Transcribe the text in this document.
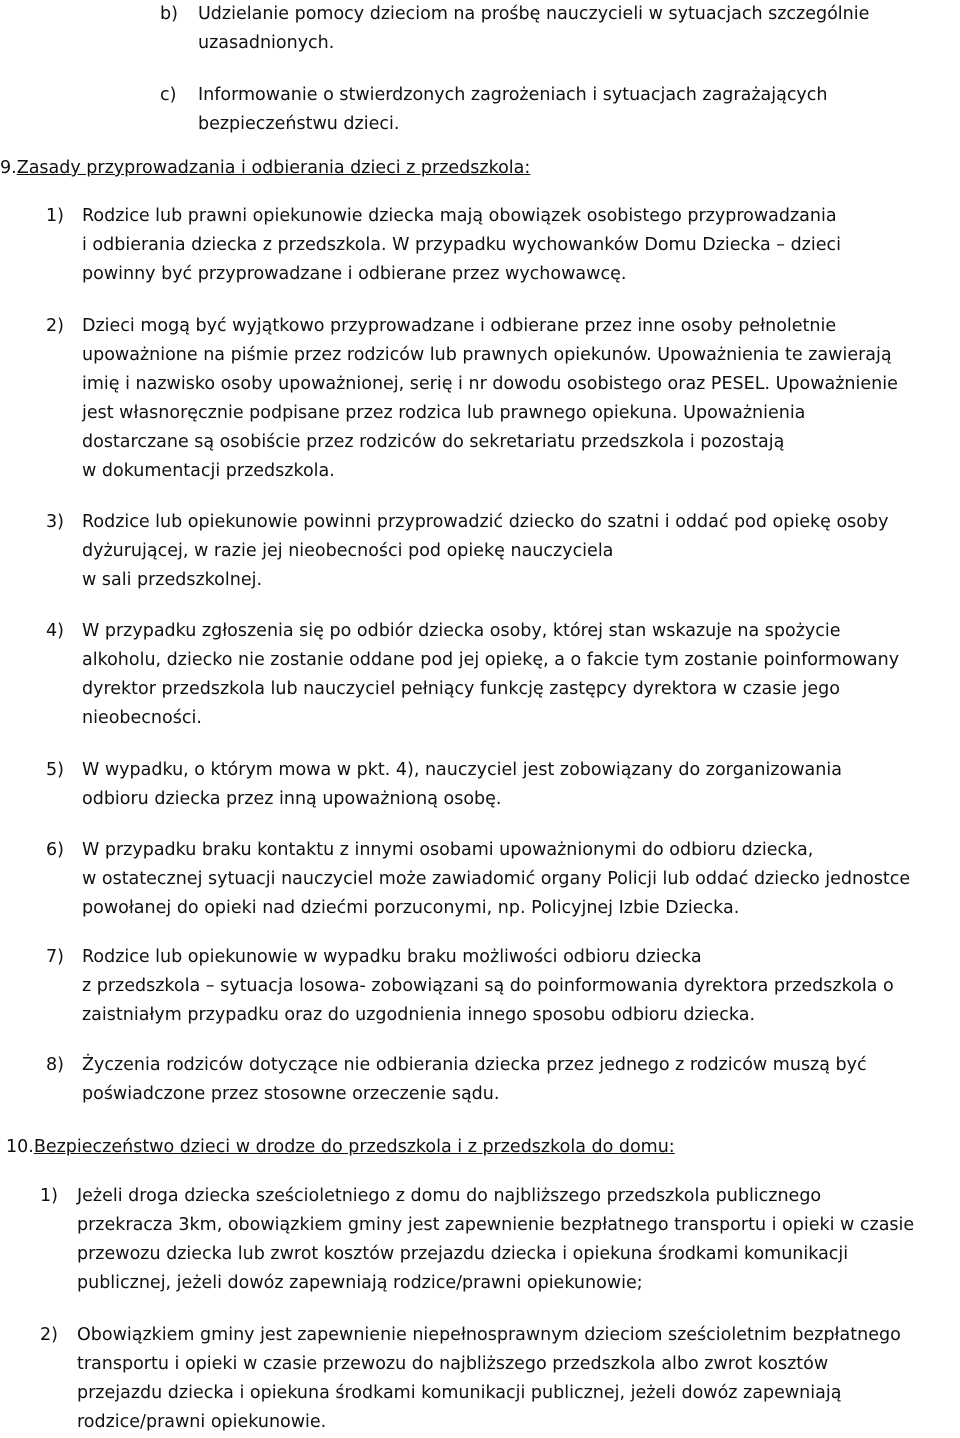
b) Udzielanie pomocy dzieciom na prośbę nauczycieli w sytuacjach szczególnie
uzasadnionych.
c) Informowanie o stwierdzonych zagrożeniach i sytuacjach zagrażających
bezpieczeństwu dzieci.
9.Zasady przyprowadzania i odbierania dzieci z przedszkola:
1) Rodzice lub prawni opiekunowie dziecka mają obowiązek osobistego przyprowadzania
i odbierania dziecka z przedszkola. W przypadku wychowanków Domu Dziecka – dzieci
powinny być przyprowadzane i odbierane przez wychowawcę.
2) Dzieci mogą być wyjątkowo przyprowadzane i odbierane przez inne osoby pełnoletnie
upoważnione na piśmie przez rodziców lub prawnych opiekunów. Upoważnienia te zawierają
imię i nazwisko osoby upoważnionej, serię i nr dowodu osobistego oraz PESEL. Upoważnienie
jest własnoręcznie podpisane przez rodzica lub prawnego opiekuna. Upoważnienia
dostarczane są osobiście przez rodziców do sekretariatu przedszkola i pozostają
w dokumentacji przedszkola.
3) Rodzice lub opiekunowie powinni przyprowadzić dziecko do szatni i oddać pod opiekę osoby
dyżurującej, w razie jej nieobecności pod opiekę nauczyciela
w sali przedszkolnej.
4) W przypadku zgłoszenia się po odbiór dziecka osoby, której stan wskazuje na spożycie
alkoholu, dziecko nie zostanie oddane pod jej opiekę, a o fakcie tym zostanie poinformowany
dyrektor przedszkola lub nauczyciel pełniący funkcję zastępcy dyrektora w czasie jego
nieobecności.
5) W wypadku, o którym mowa w pkt. 4), nauczyciel jest zobowiązany do zorganizowania
odbioru dziecka przez inną upoważnioną osobę.
6) W przypadku braku kontaktu z innymi osobami upoważnionymi do odbioru dziecka,
w ostatecznej sytuacji nauczyciel może zawiadomić organy Policji lub oddać dziecko jednostce
powołanej do opieki nad dziećmi porzuconymi, np. Policyjnej Izbie Dziecka.
7) Rodzice lub opiekunowie w wypadku braku możliwości odbioru dziecka
z przedszkola – sytuacja losowa- zobowiązani są do poinformowania dyrektora przedszkola o
zaistniałym przypadku oraz do uzgodnienia innego sposobu odbioru dziecka.
8) Życzenia rodziców dotyczące nie odbierania dziecka przez jednego z rodziców muszą być
poświadczone przez stosowne orzeczenie sądu.
10.Bezpieczeństwo dzieci w drodze do przedszkola i z przedszkola do domu:
1) Jeżeli droga dziecka sześcioletniego z domu do najbliższego przedszkola publicznego
przekracza 3km, obowiązkiem gminy jest zapewnienie bezpłatnego transportu i opieki w czasie
przewozu dziecka lub zwrot kosztów przejazdu dziecka i opiekuna środkami komunikacji
publicznej, jeżeli dowóz zapewniają rodzice/prawni opiekunowie;
2) Obowiązkiem gminy jest zapewnienie niepełnosprawnym dzieciom sześcioletnim bezpłatnego
transportu i opieki w czasie przewozu do najbliższego przedszkola albo zwrot kosztów
przejazdu dziecka i opiekuna środkami komunikacji publicznej, jeżeli dowóz zapewniają
rodzice/prawni opiekunowie.
